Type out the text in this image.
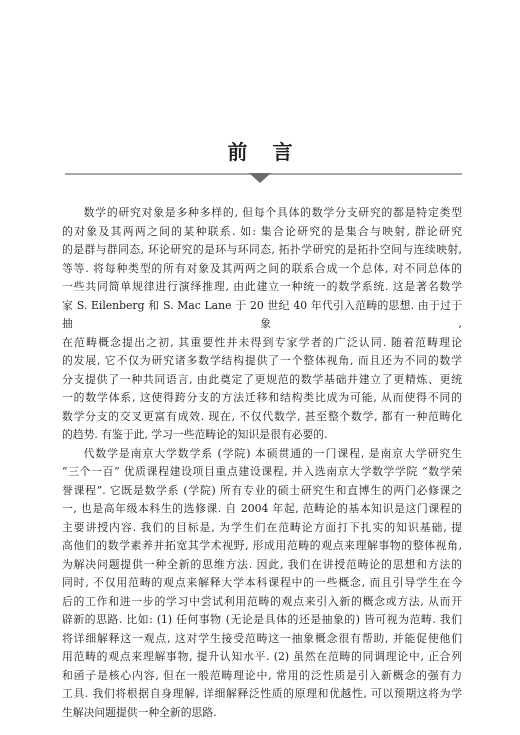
前 言
数学的研究对象是多种多样的, 但每个具体的数学分支研究的都是特定类型
的对象及其两两之间的某种联系. 如: 集合论研究的是集合与映射, 群论研究
的是群与群同态, 环论研究的是环与环同态, 拓扑学研究的是拓扑空间与连续映射,
等等. 将每种类型的所有对象及其两两之间的联系合成一个总体, 对不同总体的
一些共同简单规律进行演绎推理, 由此建立一种统一的数学系统. 这是著名数学
家 S. Eilenberg 和 S. Mac Lane 于 20 世纪 40 年代引入范畴的思想. 由于过于抽象,
在范畴概念提出之初, 其重要性并未得到专家学者的广泛认同. 随着范畴理论
的发展, 它不仅为研究诸多数学结构提供了一个整体视角, 而且还为不同的数学
分支提供了一种共同语言, 由此奠定了更规范的数学基础并建立了更精炼、更统
一的数学体系, 这使得跨分支的方法迁移和结构类比成为可能, 从而使得不同的
数学分支的交叉更富有成效. 现在, 不仅代数学, 甚至整个数学, 都有一种范畴化
的趋势. 有鉴于此, 学习一些范畴论的知识是很有必要的.
代数学是南京大学数学系 (学院) 本硕贯通的一门课程, 是南京大学研究生
“三个一百” 优质课程建设项目重点建设课程, 并入选南京大学数学学院 “数学荣
誉课程”. 它既是数学系 (学院) 所有专业的硕士研究生和直博生的两门必修课之
一, 也是高年级本科生的选修课. 自 2004 年起, 范畴论的基本知识是这门课程的
主要讲授内容. 我们的目标是, 为学生们在范畴论方面打下扎实的知识基础, 提
高他们的数学素养并拓宽其学术视野, 形成用范畴的观点来理解事物的整体视角,
为解决问题提供一种全新的思维方法. 因此, 我们在讲授范畴论的思想和方法的
同时, 不仅用范畴的观点来解释大学本科课程中的一些概念, 而且引导学生在今
后的工作和进一步的学习中尝试利用范畴的观点来引入新的概念或方法, 从而开
辟新的思路. 比如: (1) 任何事物 (无论是具体的还是抽象的) 皆可视为范畴. 我们
将详细解释这一观点, 这对学生接受范畴这一抽象概念很有帮助, 并能促使他们
用范畴的观点来理解事物, 提升认知水平. (2) 虽然在范畴的同调理论中, 正合列
和函子是核心内容, 但在一般范畴理论中, 常用的泛性质是引入新概念的强有力
工具. 我们将根据自身理解, 详细解释泛性质的原理和优越性, 可以预期这将为学
生解决问题提供一种全新的思路.
